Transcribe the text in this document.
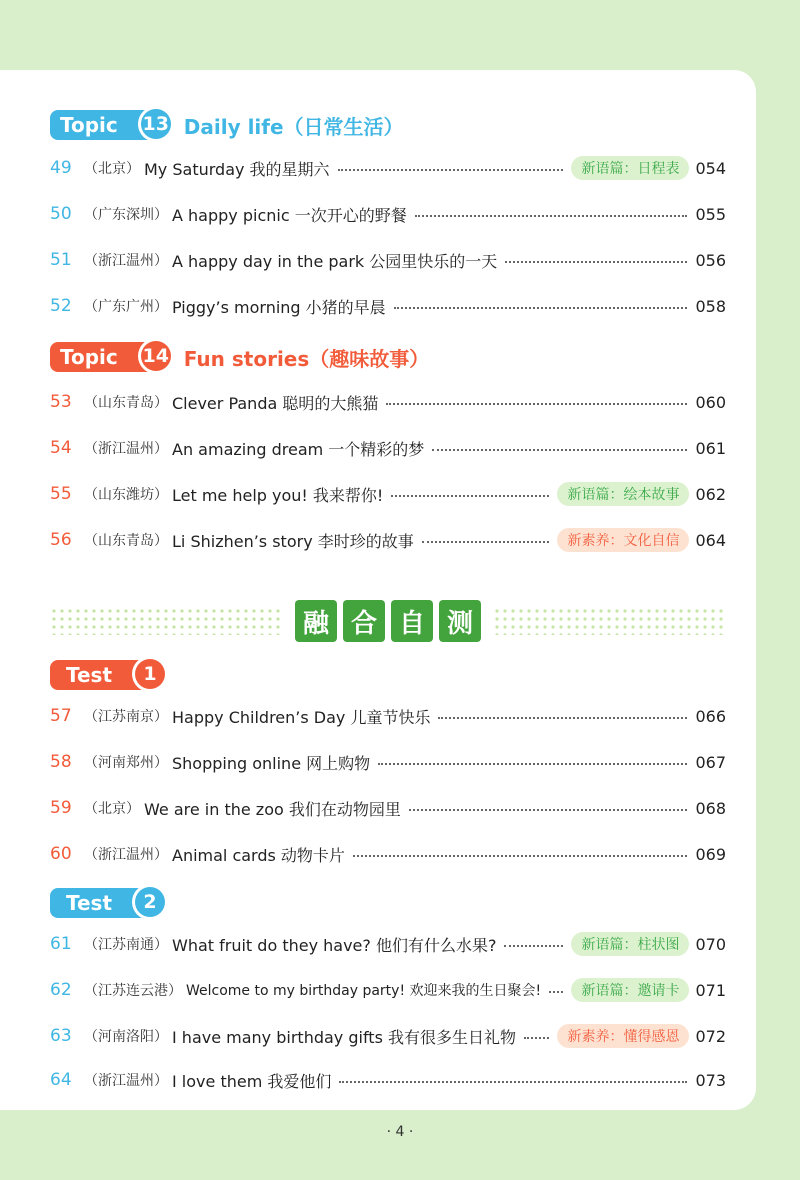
Topic 13 Daily life（日常生活）
49 （北京） My Saturday 我的星期六	新语篇：日程表	054
50 （广东深圳） A happy picnic 一次开心的野餐	055
51 （浙江温州） A happy day in the park 公园里快乐的一天	056
52 （广东广州） Piggy’s morning 小猪的早晨	058
Topic 14 Fun stories（趣味故事）
53 （山东青岛） Clever Panda 聪明的大熊猫	060
54 （浙江温州） An amazing dream 一个精彩的梦	061
55 （山东潍坊） Let me help you! 我来帮你!	新语篇：绘本故事	062
56 （山东青岛） Li Shizhen’s story 李时珍的故事	新素养：文化自信	064
融 合 自 测
Test	1
57 （江苏南京） Happy Children’s Day 儿童节快乐	066
58 （河南郑州） Shopping online 网上购物	067
59 （北京） We are in the zoo 我们在动物园里	068
60 （浙江温州） Animal cards 动物卡片	069
Test	2
61 （江苏南通） What fruit do they have? 他们有什么水果?	新语篇：柱状图	070
62 （江苏连云港） Welcome to my birthday party! 欢迎来我的生日聚会!	新语篇：邀请卡	071
63 （河南洛阳） I have many birthday gifts 我有很多生日礼物	新素养：懂得感恩	072
64 （浙江温州） I love them 我爱他们	073
· 4 ·
